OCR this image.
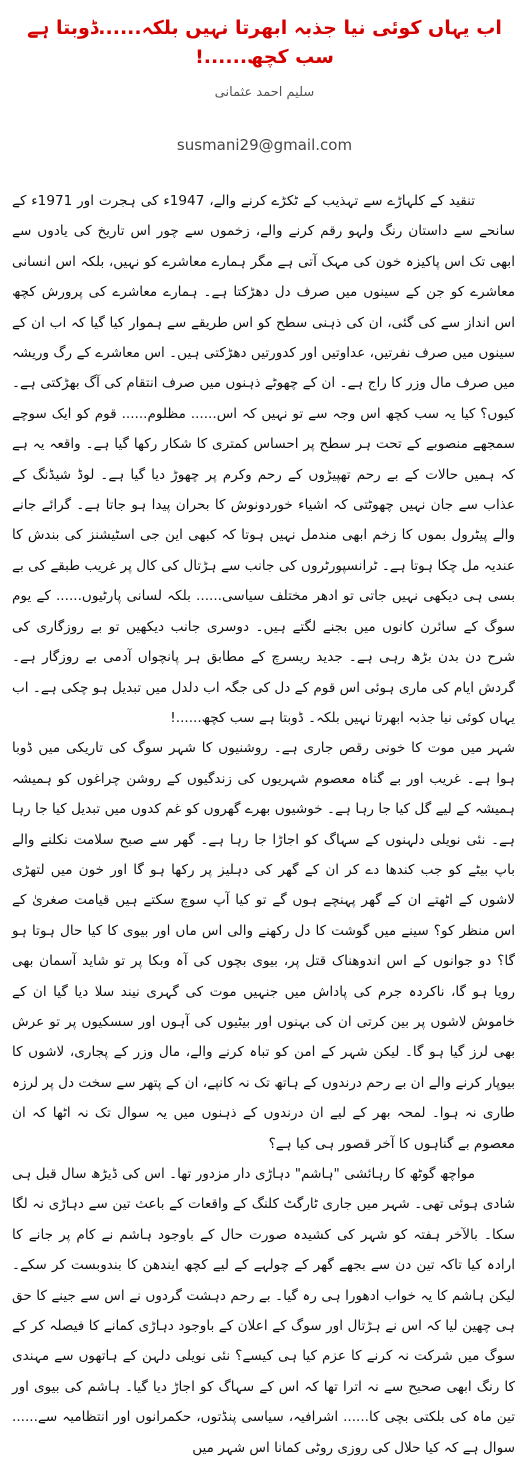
اب یہاں کوئی نیا جذبہ ابھرتا نہیں بلکہ......ڈوبتا ہے سب کچھ......!
سلیم احمد عثمانی
susmani29@gmail.com

تنقید کے کلہاڑے سے تہذیب کے ٹکڑے کرنے والے، 1947ء کی ہجرت اور 1971ء کے سانحے سے داستان رنگ ولہو رقم کرنے والے، زخموں سے چور اس تاریخ کی یادوں سے ابھی تک اس پاکیزہ خون کی مہک آتی ہے مگر ہمارے معاشرے کو نہیں، بلکہ اس انسانی معاشرے کو جن کے سینوں میں صرف دل دھڑکتا ہے۔ ہمارے معاشرے کی پرورش کچھ اس انداز سے کی گئی، ان کی ذہنی سطح کو اس طریقے سے ہموار کیا گیا کہ اب ان کے سینوں میں صرف نفرتیں، عداوتیں اور کدورتیں دھڑکتی ہیں۔ اس معاشرے کے رگ وریشہ میں صرف مال وزر کا راج ہے۔ ان کے چھوٹے ذہنوں میں صرف انتقام کی آگ بھڑکتی ہے۔ کیوں؟ کیا یہ سب کچھ اس وجہ سے تو نہیں کہ اس...... مظلوم...... قوم کو ایک سوچے سمجھے منصوبے کے تحت ہر سطح پر احساس کمتری کا شکار رکھا گیا ہے۔ واقعہ یہ ہے کہ ہمیں حالات کے بے رحم تھپیڑوں کے رحم وکرم پر چھوڑ دیا گیا ہے۔ لوڈ شیڈنگ کے عذاب سے جان نہیں چھوٹتی کہ اشیاء خوردونوش کا بحران پیدا ہو جاتا ہے۔ گرائے جانے والے پیٹرول بموں کا زخم ابھی مندمل نہیں ہوتا کہ کبھی این جی اسٹیشنز کی بندش کا عندیہ مل چکا ہوتا ہے۔ ٹرانسپورٹروں کی جانب سے ہڑتال کی کال پر غریب طبقے کی بے بسی ہی دیکھی نہیں جاتی تو ادھر مختلف سیاسی...... بلکہ لسانی پارٹیوں...... کے یوم سوگ کے سائرن کانوں میں بجنے لگتے ہیں۔ دوسری جانب دیکھیں تو بے روزگاری کی شرح دن بدن بڑھ رہی ہے۔ جدید ریسرچ کے مطابق ہر پانچواں آدمی بے روزگار ہے۔ گردش ایام کی ماری ہوئی اس قوم کے دل کی جگہ اب دلدل میں تبدیل ہو چکی ہے۔ اب یہاں کوئی نیا جذبہ ابھرتا نہیں بلکہ۔ ڈوبتا ہے سب کچھ......!

شہر میں موت کا خونی رقص جاری ہے۔ روشنیوں کا شہر سوگ کی تاریکی میں ڈوبا ہوا ہے۔ غریب اور بے گناہ معصوم شہریوں کی زندگیوں کے روشن چراغوں کو ہمیشہ ہمیشہ کے لیے گل کیا جا رہا ہے۔ خوشیوں بھرے گھروں کو غم کدوں میں تبدیل کیا جا رہا ہے۔ نئی نویلی دلہنوں کے سہاگ کو اجاڑا جا رہا ہے۔ گھر سے صبح سلامت نکلنے والے باپ بیٹے کو جب کندھا دے کر ان کے گھر کی دہلیز پر رکھا ہو گا اور خون میں لتھڑی لاشوں کے اٹھتے ان کے گھر پہنچے ہوں گے تو کیا آپ سوچ سکتے ہیں قیامت صغریٰ کے اس منظر کو؟ سینے میں گوشت کا دل رکھنے والی اس ماں اور بیوی کا کیا حال ہوتا ہو گا؟ دو جوانوں کے اس اندوھناک قتل پر، بیوی بچوں کی آہ وبکا پر تو شاید آسمان بھی رویا ہو گا، ناکردہ جرم کی پاداش میں جنہیں موت کی گہری نیند سلا دیا گیا ان کے خاموش لاشوں پر بین کرتی ان کی بہنوں اور بیٹیوں کی آہوں اور سسکیوں پر تو عرش بھی لرز گیا ہو گا۔ لیکن شہر کے امن کو تباہ کرنے والے، مال وزر کے پجاری، لاشوں کا بیوپار کرنے والے ان بے رحم درندوں کے ہاتھ تک نہ کانپے، ان کے پتھر سے سخت دل پر لرزہ طاری نہ ہوا۔ لمحہ بھر کے لیے ان درندوں کے ذہنوں میں یہ سوال تک نہ اٹھا کہ ان معصوم بے گناہوں کا آخر قصور ہی کیا ہے؟

مواچھ گوٹھ کا رہائشی "ہاشم" دہاڑی دار مزدور تھا۔ اس کی ڈیڑھ سال قبل ہی شادی ہوئی تھی۔ شہر میں جاری ٹارگٹ کلنگ کے واقعات کے باعث تین سے دہاڑی نہ لگا سکا۔ بالآخر ہفتہ کو شہر کی کشیدہ صورت حال کے باوجود ہاشم نے کام پر جانے کا ارادہ کیا تاکہ تین دن سے بجھے گھر کے چولہے کے لیے کچھ ایندھن کا بندوبست کر سکے۔ لیکن ہاشم کا یہ خواب ادھورا ہی رہ گیا۔ بے رحم دہشت گردوں نے اس سے جینے کا حق ہی چھین لیا کہ اس نے ہڑتال اور سوگ کے اعلان کے باوجود دہاڑی کمانے کا فیصلہ کر کے سوگ میں شرکت نہ کرنے کا عزم کیا ہی کیسے؟ نئی نویلی دلہن کے ہاتھوں سے مہندی کا رنگ ابھی صحیح سے نہ اترا تھا کہ اس کے سہاگ کو اجاڑ دیا گیا۔ ہاشم کی بیوی اور تین ماہ کی بلکتی بچی کا...... اشرافیہ، سیاسی پنڈتوں، حکمرانوں اور انتظامیہ سے...... سوال ہے کہ کیا حلال کی روزی روٹی کمانا اس شہر میں
